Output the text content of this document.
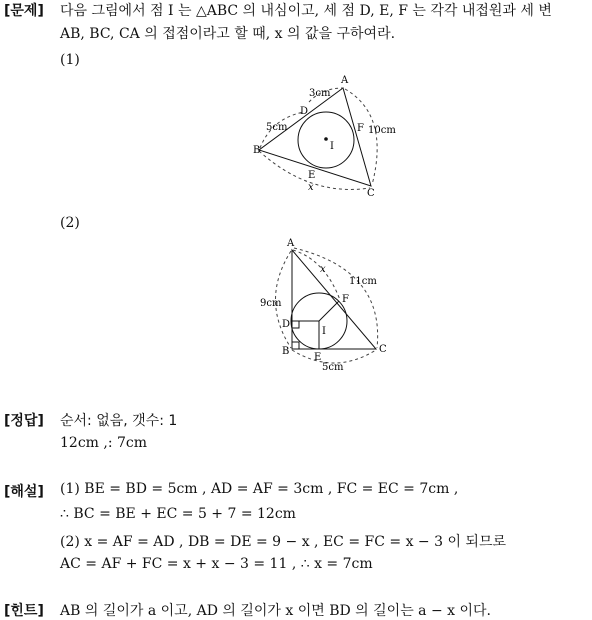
[문제] 다음 그림에서 점 I 는 △ABC 의 내심이고, 세 점 D, E, F 는 각각 내접원과 세 변
AB, BC, CA 의 접점이라고 할 때, x 의 값을 구하여라.
(1)
A
B
C
D
E
F
I
3cm
5cm	10cm
x
(2)
A
B	C
D
E
F
I
9cm
11cm
5cm
x
[정답] 순서: 없음, 갯수: 1
12cm ,: 7cm
[해설] (1) BE = BD = 5cm , AD = AF = 3cm , FC = EC = 7cm ,
∴ BC = BE + EC = 5 + 7 = 12cm
(2) x = AF = AD , DB = DE = 9 − x , EC = FC = x − 3 이 되므로
AC = AF + FC = x + x − 3 = 11 , ∴ x = 7cm
[힌트] AB 의 길이가 a 이고, AD 의 길이가 x 이면 BD 의 길이는 a − x 이다.
